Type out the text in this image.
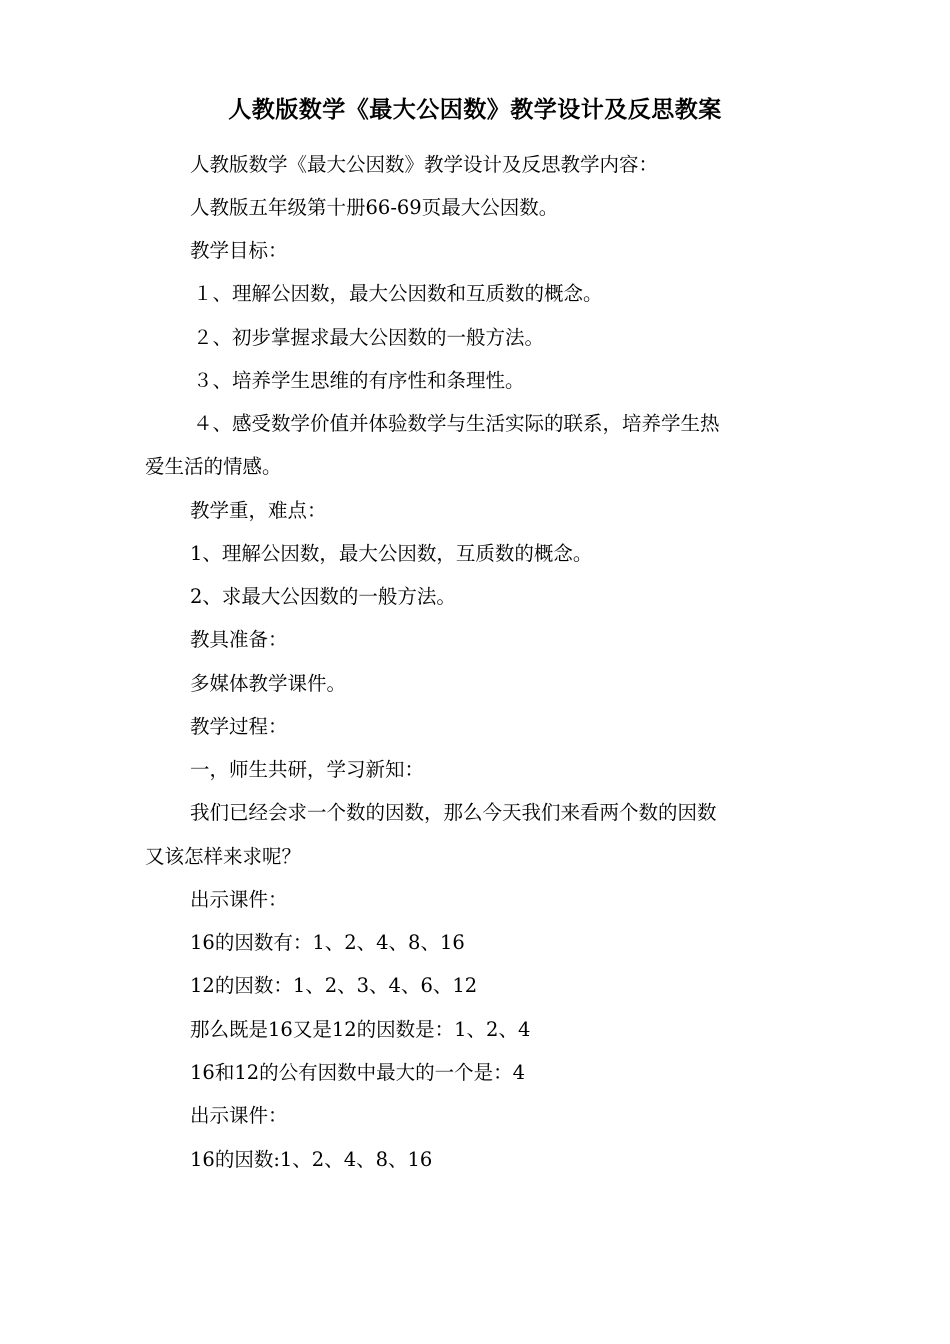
人教版数学《最大公因数》教学设计及反思教案
人教版数学《最大公因数》教学设计及反思教学内容：
人教版五年级第十册66-69页最大公因数。
教学目标：
１、理解公因数，最大公因数和互质数的概念。
２、初步掌握求最大公因数的一般方法。
３、培养学生思维的有序性和条理性。
４、感受数学价值并体验数学与生活实际的联系，培养学生热
爱生活的情感。
教学重，难点：
1、理解公因数，最大公因数，互质数的概念。
2、求最大公因数的一般方法。
教具准备：
多媒体教学课件。
教学过程：
一，师生共研，学习新知：
我们已经会求一个数的因数，那么今天我们来看两个数的因数
又该怎样来求呢？
出示课件：
16的因数有：1、2、4、8、16
12的因数：1、2、3、4、6、12
那么既是16又是12的因数是：1、2、4
16和12的公有因数中最大的一个是：4
出示课件：
16的因数:1、2、4、8、16
